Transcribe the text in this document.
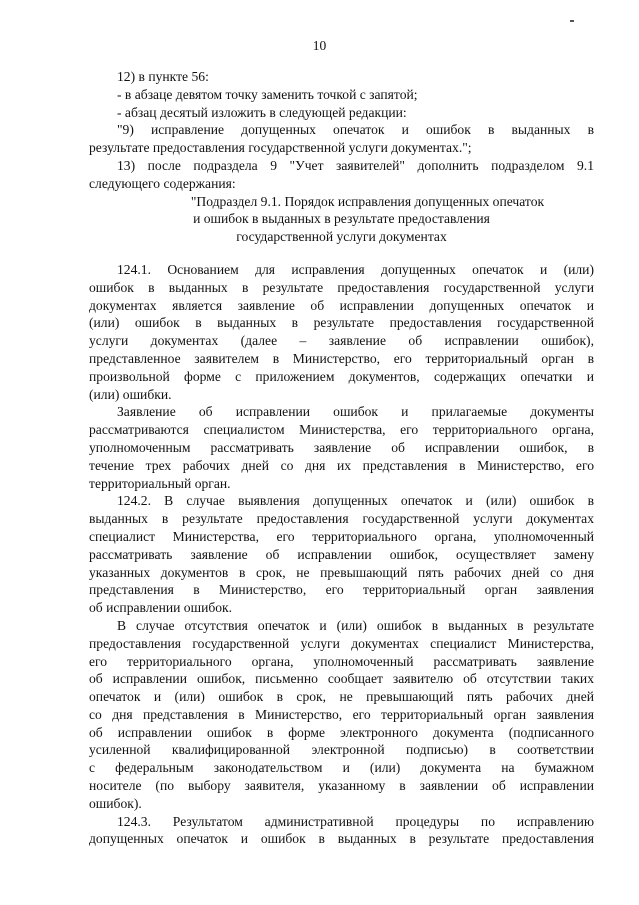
10
12) в пункте 56:
- в абзаце девятом точку заменить точкой с запятой;
- абзац десятый изложить в следующей редакции:
"9) исправление допущенных опечаток и ошибок в выданных в
результате предоставления государственной услуги документах.";
13) после подраздела 9 "Учет заявителей" дополнить подразделом 9.1
следующего содержания:
"Подраздел 9.1. Порядок исправления допущенных опечаток
и ошибок в выданных в результате предоставления
государственной услуги документах
124.1. Основанием для исправления допущенных опечаток и (или)
ошибок в выданных в результате предоставления государственной услуги
документах является заявление об исправлении допущенных опечаток и
(или) ошибок в выданных в результате предоставления государственной
услуги документах (далее – заявление об исправлении ошибок),
представленное заявителем в Министерство, его территориальный орган в
произвольной форме с приложением документов, содержащих опечатки и
(или) ошибки.
Заявление об исправлении ошибок и прилагаемые документы
рассматриваются специалистом Министерства, его территориального органа,
уполномоченным рассматривать заявление об исправлении ошибок, в
течение трех рабочих дней со дня их представления в Министерство, его
территориальный орган.
124.2. В случае выявления допущенных опечаток и (или) ошибок в
выданных в результате предоставления государственной услуги документах
специалист Министерства, его территориального органа, уполномоченный
рассматривать заявление об исправлении ошибок, осуществляет замену
указанных документов в срок, не превышающий пять рабочих дней со дня
представления в Министерство, его территориальный орган заявления
об исправлении ошибок.
В случае отсутствия опечаток и (или) ошибок в выданных в результате
предоставления государственной услуги документах специалист Министерства,
его территориального органа, уполномоченный рассматривать заявление
об исправлении ошибок, письменно сообщает заявителю об отсутствии таких
опечаток и (или) ошибок в срок, не превышающий пять рабочих дней
со дня представления в Министерство, его территориальный орган заявления
об исправлении ошибок в форме электронного документа (подписанного
усиленной квалифицированной электронной подписью) в соответствии
с федеральным законодательством и (или) документа на бумажном
носителе (по выбору заявителя, указанному в заявлении об исправлении
ошибок).
124.3. Результатом административной процедуры по исправлению
допущенных опечаток и ошибок в выданных в результате предоставления
